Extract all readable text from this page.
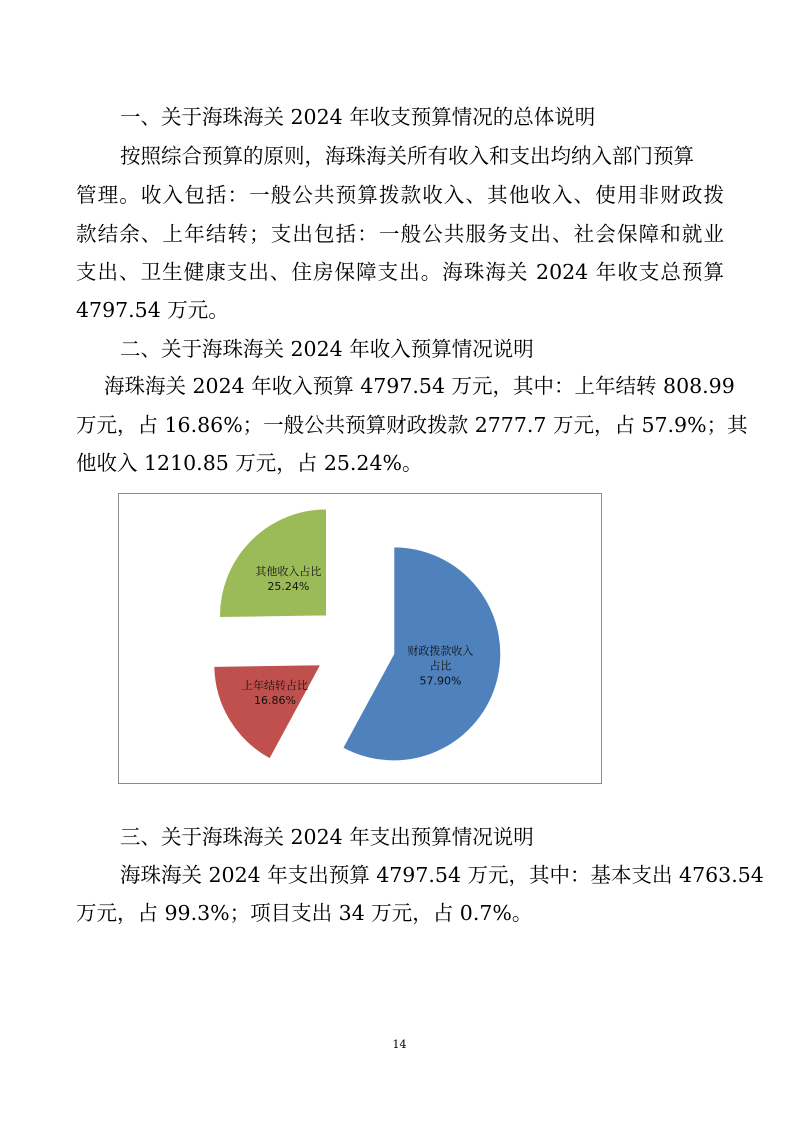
一、关于海珠海关 2024 年收支预算情况的总体说明
按照综合预算的原则，海珠海关所有收入和支出均纳入部门预算
管理。收入包括：一般公共预算拨款收入、其他收入、使用非财政拨
款结余、上年结转；支出包括：一般公共服务支出、社会保障和就业
支出、卫生健康支出、住房保障支出。海珠海关 2024 年收支总预算
4797.54 万元。
二、关于海珠海关 2024 年收入预算情况说明
海珠海关 2024 年收入预算 4797.54 万元，其中：上年结转 808.99
万元，占 16.86%；一般公共预算财政拨款 2777.7 万元，占 57.9%；其
他收入 1210.85 万元，占 25.24%。
财政拨款收入
占比
57.90%
上年结转占比
16.86%
其他收入占比
25.24%
三、关于海珠海关 2024 年支出预算情况说明
海珠海关 2024 年支出预算 4797.54 万元，其中：基本支出 4763.54
万元，占 99.3%；项目支出 34 万元，占 0.7%。
14
